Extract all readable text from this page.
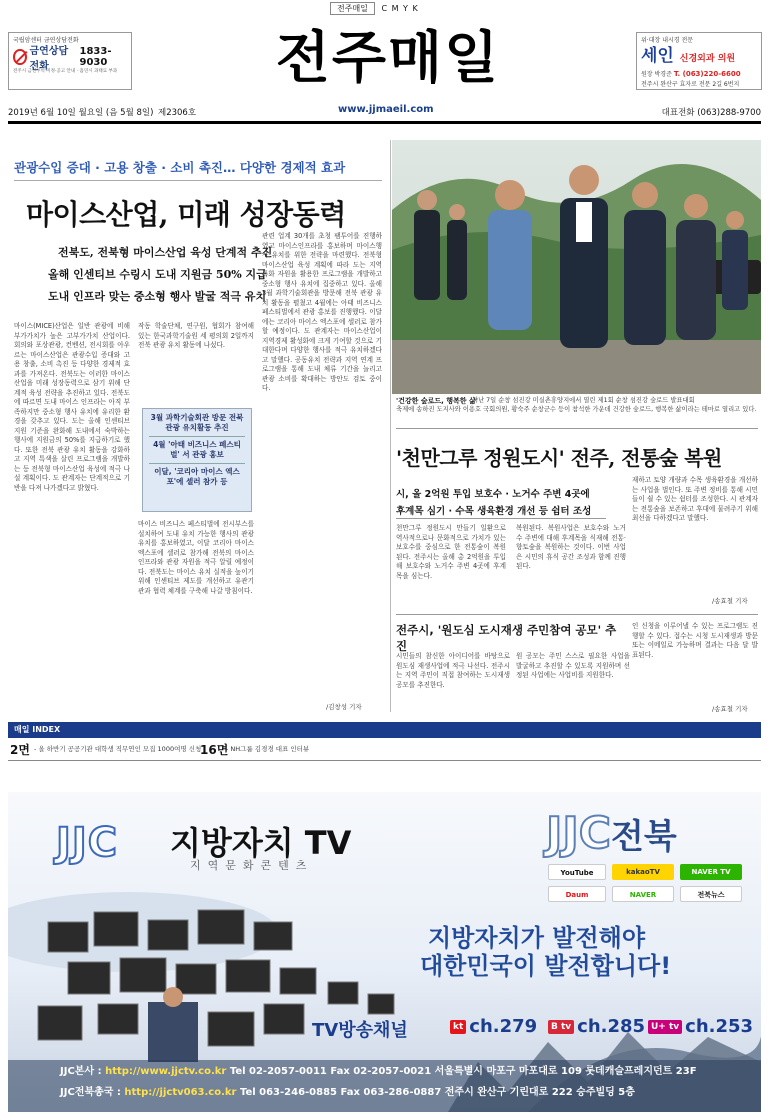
전주매일 C M Y K
국립암센터 금연상담전화
금연상담전화
1833-9030
전주시 금연구역 지정·공고 안내 · 흡연시 과태료 부과	전주매일	위·대장 내시경 전문
세인 신경외과 의원
원장 박경준 T. (063)220-6600
전주시 완산구 효자로 전문 2길 6번지
2019년 6월 10일 월요일 (음 5월 8일) 제2306호	www.jjmaeil.com	대표전화 (063)288-9700
관광수입 증대 · 고용 창출 · 소비 촉진… 다양한 경제적 효과
마이스산업, 미래 성장동력
전북도, 전북형 마이스산업 육성 단계적 추진
올해 인센티브 수링시 도내 지원금 50% 지급
도내 인프라 맞는 중소형 행사 발굴 적극 유치
마이스(MICE)산업은 일반 관광에 비해 부가가치가 높은 고부가가치 산업이다. 회의와 포상관광, 컨벤션, 전시회를 아우르는 마이스산업은 관광수입 증대와 고용 창출, 소비 촉진 등 다양한 경제적 효과를 가져온다. 전북도는 이러한 마이스산업을 미래 성장동력으로 삼기 위해 단계적 육성 전략을 추진하고 있다. 전북도에 따르면 도내 마이스 인프라는 아직 부족하지만 중소형 행사 유치에 유리한 환경을 갖추고 있다. 도는 올해 인센티브 지원 기준을 완화해 도내에서 숙박하는 행사에 지원금의 50%를 지급하기로 했다. 또한 전북 관광 유치 활동을 강화하고 지역 특색을 살린 프로그램을 개발하는 등 전북형 마이스산업 육성에 적극 나설 계획이다. 도 관계자는 단계적으로 기반을 다져 나가겠다고 밝혔다.
작동 학술단체, 연구원, 협회가 참여해 있는 한국과학기술원 세 평의회 2일까지 전북 관광 유치 활동에 나섰다.
3월 과학기술회관 방문 전북 관광 유치활동 추진
4월 '아태 비즈니스 페스티벌' 서 관광 홍보
이달, '코리아 마이스 엑스포'에 셀러 참가 등
마이스 비즈니스 페스티벌에 전시부스를 설치하여 도내 유치 가능한 행사의 관광 유치를 홍보하였고, 이달 코리아 마이스 엑스포에 셀러로 참가해 전북의 마이스 인프라와 관광 자원을 적극 알릴 예정이다. 전북도는 마이스 유치 실적을 높이기 위해 인센티브 제도를 개선하고 유관기관과 협력 체계를 구축해 나갈 방침이다.
관련 업계 30개를 초청 팸투어를 진행하였고 마이스인프라를 홍보하며 마이스행사 유치를 위한 전략을 마련했다. 전북형 마이스산업 육성 계획에 따라 도는 지역 특화 자원을 활용한 프로그램을 개발하고 중소형 행사 유치에 집중하고 있다. 올해 3월 과학기술회관을 방문해 전북 관광 유치 활동을 펼쳤고 4월에는 아태 비즈니스 페스티벌에서 관광 홍보를 진행했다. 이달에는 코리아 마이스 엑스포에 셀러로 참가할 예정이다. 도 관계자는 마이스산업이 지역경제 활성화에 크게 기여할 것으로 기대한다며 다양한 행사를 적극 유치하겠다고 말했다. 공동유치 전략과 지역 연계 프로그램을 통해 도내 체류 기간을 늘리고 관광 소비를 확대하는 방안도 검토 중이다.
/김창성 기자
'건강한 숲로드, 행복한 삶'
지난 7일 순창 섬진강 미실촌휴양지에서 열린 제1회 순창 섬진강 숲로드 발표대회
축제에 송하진 도지사와 이용호 국회의원, 황숙주 순창군수 등이 참석한 가운데 건강한 숲로드, 행복한 삶이라는 테마로 열리고 있다.
'천만그루 정원도시' 전주, 전통숲 복원
시, 올 2억원 투입 보호수 · 노거수 주변 4곳에
후계목 심기 · 수목 생육환경 개선 등 쉼터 조성
천만그루 정원도시 만들기 일환으로 역사적으로나 문화적으로 가치가 있는 보호수를 중심으로 한 전통숲이 복원된다. 전주시는 올해 총 2억원을 투입해 보호수와 노거수 주변 4곳에 후계목을 심는다.
복원된다. 복원사업은 보호수와 노거수 주변에 대해 후계목을 식재해 전통·향토숲을 복원하는 것이다. 이번 사업은 시민의 휴식 공간 조성과 함께 진행된다.
재하고 토양 개량과 수목 생육환경을 개선하는 사업을 벌인다. 또 주변 정비를 통해 시민들이 쉴 수 있는 쉼터를 조성한다. 시 관계자는 전통숲을 보존하고 후대에 물려주기 위해 최선을 다하겠다고 말했다.
/송효철 기자
전주시, '원도심 도시재생 주민참여 공모' 추진
시민들의 참신한 아이디어를 바탕으로 원도심 재생사업에 적극 나선다. 전주시는 지역 주민이 직접 참여하는 도시재생 공모를 추진한다.
원 공모는 주민 스스로 필요한 사업을 발굴하고 추진할 수 있도록 지원하며 선정된 사업에는 사업비를 지원한다.
인 신청을 이루어낼 수 있는 프로그램도 진행할 수 있다. 접수는 시청 도시재생과 방문 또는 이메일로 가능하며 결과는 다음 달 발표된다.
/송효철 기자
매일 INDEX
2면 - 올 하반기 공공기관 대학생 직무연인 모집 1000여명 신청
16면
- NH그룹 김경경 대표 인터뷰
JJC 지방자치 TV
지역문화콘텐츠
JJC전북
YouTube	kakaoTV	NAVER TV
Daum	NAVER	전북뉴스
지방자치가 발전해야
대한민국이 발전합니다!
TV방송채널	kt ch.279	B tv ch.285 U+ tv ch.253
JJC본사 : http://www.jjctv.co.kr Tel 02-2057-0011 Fax 02-2057-0021 서울특별시 마포구 마포대로 109 롯데캐슬프레지던트 23F
JJC전북총국 : http://jjctv063.co.kr Tel 063-246-0885 Fax 063-286-0887 전주시 완산구 기린대로 222 승주빌딩 5층
